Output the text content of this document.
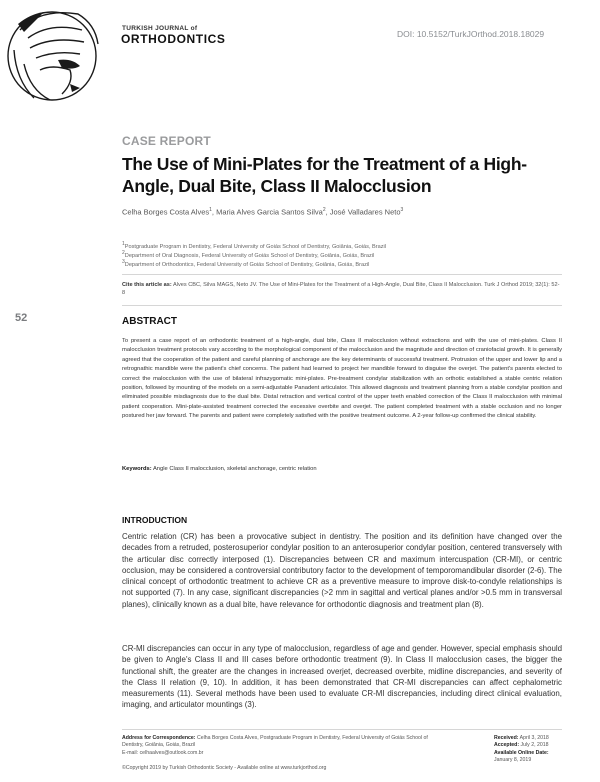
TURKISH JOURNAL of
ORTHODONTICS	DOI: 10.5152/TurkJOrthod.2018.18029
CASE REPORT
The Use of Mini-Plates for the Treatment of a High-Angle, Dual Bite, Class II Malocclusion
Celha Borges Costa Alves$^1$, Maria Alves Garcia Santos Silva$^2$, José Valladares Neto$^3$
$^1$Postgraduate Program in Dentistry, Federal University of Goiás School of Dentistry, Goiânia, Goiás, Brazil
$^2$Department of Oral Diagnosis, Federal University of Goiás School of Dentistry, Goiânia, Goiás, Brazil
$^3$Department of Orthodontics, Federal University of Goiás School of Dentistry, Goiânia, Goiás, Brazil
Cite this article as: Alves CBC, Silva MAGS, Neto JV. The Use of Mini-Plates for the Treatment of a High-Angle, Dual Bite, Class II Malocclusion. Turk J Orthod 2019; 32(1): 52-8
52	ABSTRACT
To present a case report of an orthodontic treatment of a high-angle, dual bite, Class II malocclusion without extractions and with the use of mini-plates. Class II malocclusion treatment protocols vary according to the morphological component of the malocclusion and the magnitude and direction of craniofacial growth. It is generally agreed that the cooperation of the patient and careful planning of anchorage are the key determinants of successful treatment. Protrusion of the upper and lower lip and a retrognathic mandible were the patient's chief concerns. The patient had learned to project her mandible forward to disguise the overjet. The patient's parents elected to correct the malocclusion with the use of bilateral infrazygomatic mini-plates. Pre-treatment condylar stabilization with an orthotic established a stable centric relation position, followed by mounting of the models on a semi-adjustable Panadent articulator. This allowed diagnosis and treatment planning from a stable condylar position and eliminated possible misdiagnosis due to the dual bite. Distal retraction and vertical control of the upper teeth enabled correction of the Class II malocclusion with minimal patient cooperation. Mini-plate-assisted treatment corrected the excessive overbite and overjet. The patient completed treatment with a stable occlusion and no longer postured her jaw forward. The parents and patient were completely satisfied with the positive treatment outcome. A 2-year follow-up confirmed the clinical stability.
Keywords: Angle Class II malocclusion, skeletal anchorage, centric relation
INTRODUCTION
Centric relation (CR) has been a provocative subject in dentistry. The position and its definition have changed over the decades from a retruded, posterosuperior condylar position to an anterosuperior condylar position, centered transversely with the articular disc correctly interposed (1). Discrepancies between CR and maximum intercuspation (CR-MI), or centric occlusion, may be considered a controversial contributory factor to the development of temporomandibular disorder (2-6). The clinical concept of orthodontic treatment to achieve CR as a preventive measure to improve disk-to-condyle relationships is not supported (7). In any case, significant discrepancies (>2 mm in sagittal and vertical planes and/or >0.5 mm in transversal planes), clinically known as a dual bite, have relevance for orthodontic diagnosis and treatment plan (8).
CR-MI discrepancies can occur in any type of malocclusion, regardless of age and gender. However, special emphasis should be given to Angle's Class II and III cases before orthodontic treatment (9). In Class II malocclusion cases, the bigger the functional shift, the greater are the changes in increased overjet, decreased overbite, midline discrepancies, and severity of the Class II relation (9, 10). In addition, it has been demonstrated that CR-MI discrepancies can affect cephalometric measurements (11). Several methods have been used to evaluate CR-MI discrepancies, including direct clinical evaluation, imaging, and articulator mountings (3).
Address for Correspondence: Celha Borges Costa Alves, Postgraduate Program in Dentistry, Federal University of Goiás School of Dentistry, Goiânia, Goiás, Brazil
E-mail: celhaalves@outlook.com.br
Received: April 3, 2018
Accepted: July 2, 2018
Available Online Date:
January 8, 2019
©Copyright 2019 by Turkish Orthodontic Society - Available online at www.turkjorthod.org
